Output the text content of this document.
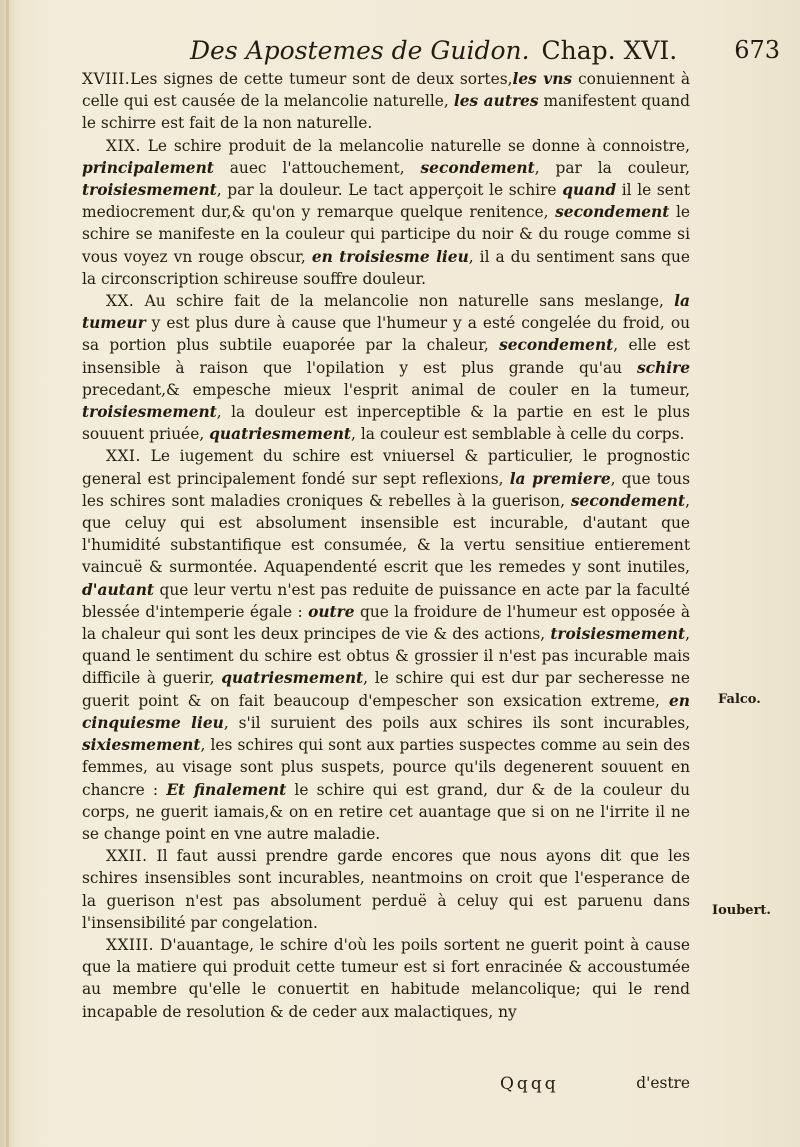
Des Apostemes de Guidon. Chap. XVI. 673

XVIII.Les signes de cette tumeur sont de deux sortes,les vns conuiennent à celle qui est causée de la melancolie naturelle, les autres manifestent quand le schirre est fait de la non naturelle.

XIX. Le schire produit de la melancolie naturelle se donne à connoistre, principalement auec l'attouchement, secondement, par la couleur, troisiesmement, par la douleur. Le tact apperçoit le schire quand il le sent mediocrement dur,& qu'on y remarque quelque renitence, secondement le schire se manifeste en la couleur qui participe du noir & du rouge comme si vous voyez vn rouge obscur, en troisiesme lieu, il a du sentiment sans que la circonscription schireuse souffre douleur.

XX. Au schire fait de la melancolie non naturelle sans meslange, la tumeur y est plus dure à cause que l'humeur y a esté congelée du froid, ou sa portion plus subtile euaporée par la chaleur, secondement, elle est insensible à raison que l'opilation y est plus grande qu'au schire precedant,& empesche mieux l'esprit animal de couler en la tumeur, troisiesmement, la douleur est inperceptible & la partie en est le plus souuent priuée, quatriesmement, la couleur est semblable à celle du corps.

XXI. Le iugement du schire est vniuersel & particulier, le prognostic general est principalement fondé sur sept reflexions, la premiere, que tous les schires sont maladies croniques & rebelles à la guerison, secondement, que celuy qui est absolument insensible est incurable, d'autant que l'humidité substantifique est consumée, & la vertu sensitiue entierement vaincuë & surmontée. Aquapendenté escrit que les remedes y sont inutiles, d'autant que leur vertu n'est pas reduite de puissance en acte par la faculté blessée d'intemperie égale : outre que la froidure de l'humeur est opposée à la chaleur qui sont les deux principes de vie & des actions, troisiesmement, quand le sentiment du schire est obtus & grossier il n'est pas incurable mais difficile à guerir, quatriesmement, le schire qui est dur par secheresse ne guerit point & on fait beaucoup d'empescher son exsication extreme, en cinquiesme lieu, s'il suruient des poils aux schires ils sont incurables, sixiesmement, les schires qui sont aux parties suspectes comme au sein des femmes, au visage sont plus suspets, pource qu'ils degenerent souuent en chancre : Et finalement le schire qui est grand, dur & de la couleur du corps, ne guerit iamais,& on en retire cet auantage que si on ne l'irrite il ne se change point en vne autre maladie.

XXII. Il faut aussi prendre garde encores que nous ayons dit que les schires insensibles sont incurables, neantmoins on croit que l'esperance de la guerison n'est pas absolument perduë à celuy qui est paruenu dans l'insensibilité par congelation.

XXIII. D'auantage, le schire d'où les poils sortent ne guerit point à cause que la matiere qui produit cette tumeur est si fort enracinée & accoustumée au membre qu'elle le conuertit en habitude melancolique; qui le rend incapable de resolution & de ceder aux malactiques, ny

Falco.
Ioubert.
Qqqq	d'estre
